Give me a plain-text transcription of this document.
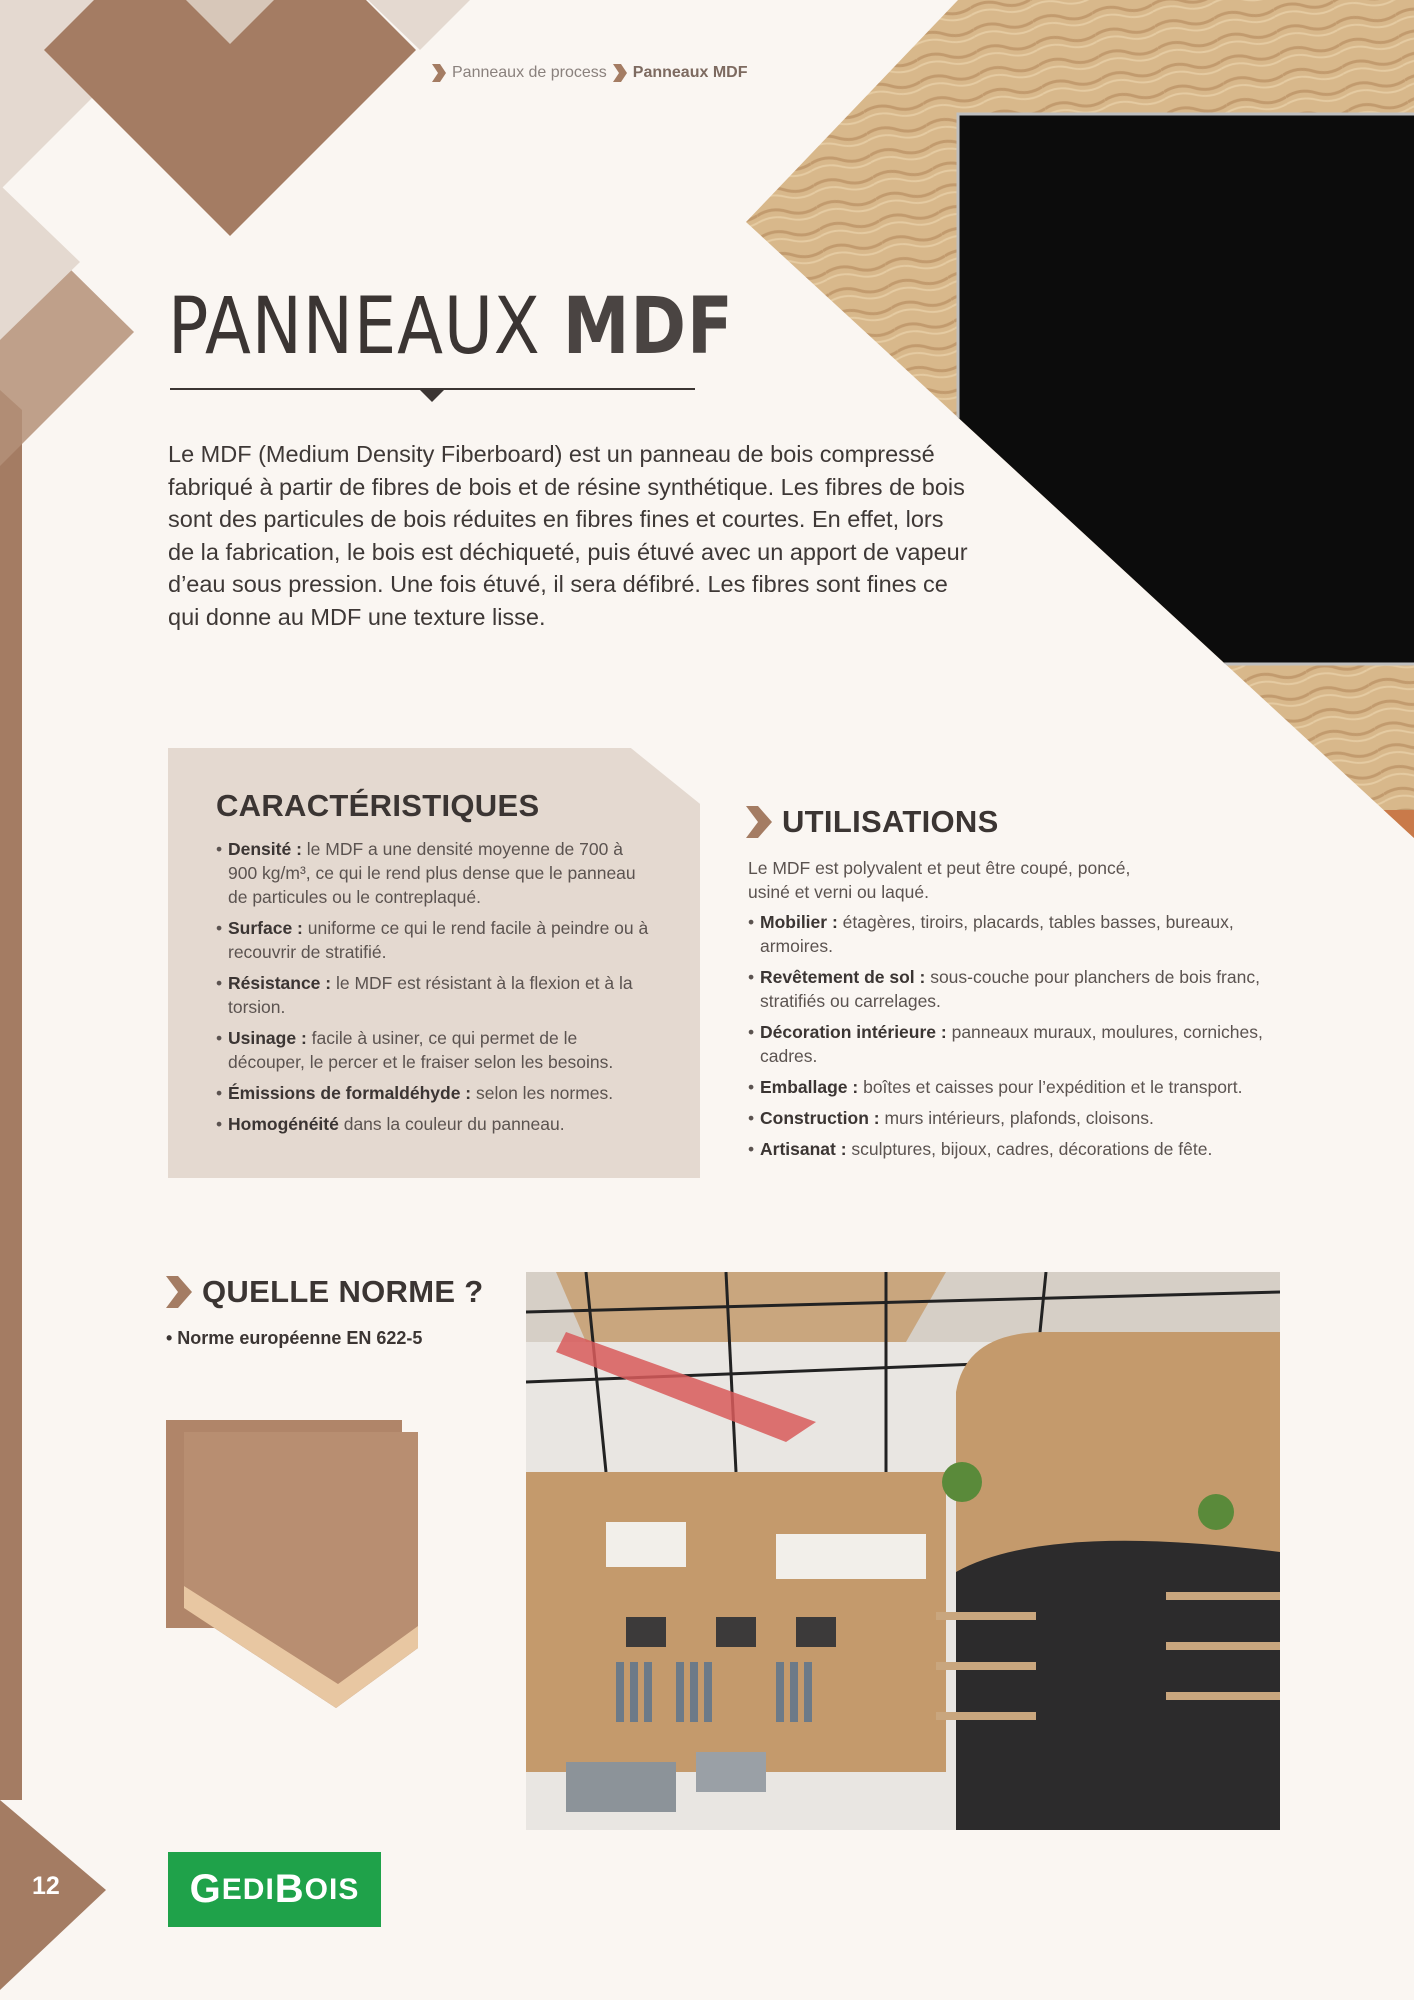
Panneaux de process Panneaux MDF
PANNEAUX MDF
Le MDF (Medium Density Fiberboard) est un panneau de bois compressé fabriqué à partir de fibres de bois et de résine synthétique. Les fibres de bois sont des particules de bois réduites en fibres fines et courtes. En effet, lors de la fabrication, le bois est déchiqueté, puis étuvé avec un apport de vapeur d’eau sous pression. Une fois étuvé, il sera défibré. Les fibres sont fines ce qui donne au MDF une texture lisse.
CARACTÉRISTIQUES
• Densité : le MDF a une densité moyenne de 700 à 900 kg/m³, ce qui le rend plus dense que le panneau de particules ou le contreplaqué.
• Surface : uniforme ce qui le rend facile à peindre ou à recouvrir de stratifié.
• Résistance : le MDF est résistant à la flexion et à la torsion.
• Usinage : facile à usiner, ce qui permet de le découper, le percer et le fraiser selon les besoins.
• Émissions de formaldéhyde : selon les normes.
• Homogénéité dans la couleur du panneau.
UTILISATIONS
Le MDF est polyvalent et peut être coupé, poncé, usiné et verni ou laqué.
• Mobilier : étagères, tiroirs, placards, tables basses, bureaux, armoires.
• Revêtement de sol : sous-couche pour planchers de bois franc, stratifiés ou carrelages.
• Décoration intérieure : panneaux muraux, moulures, corniches, cadres.
• Emballage : boîtes et caisses pour l’expédition et le transport.
• Construction : murs intérieurs, plafonds, cloisons.
• Artisanat : sculptures, bijoux, cadres, décorations de fête.
QUELLE NORME ?
• Norme européenne EN 622-5
12	G EDI B OIS
